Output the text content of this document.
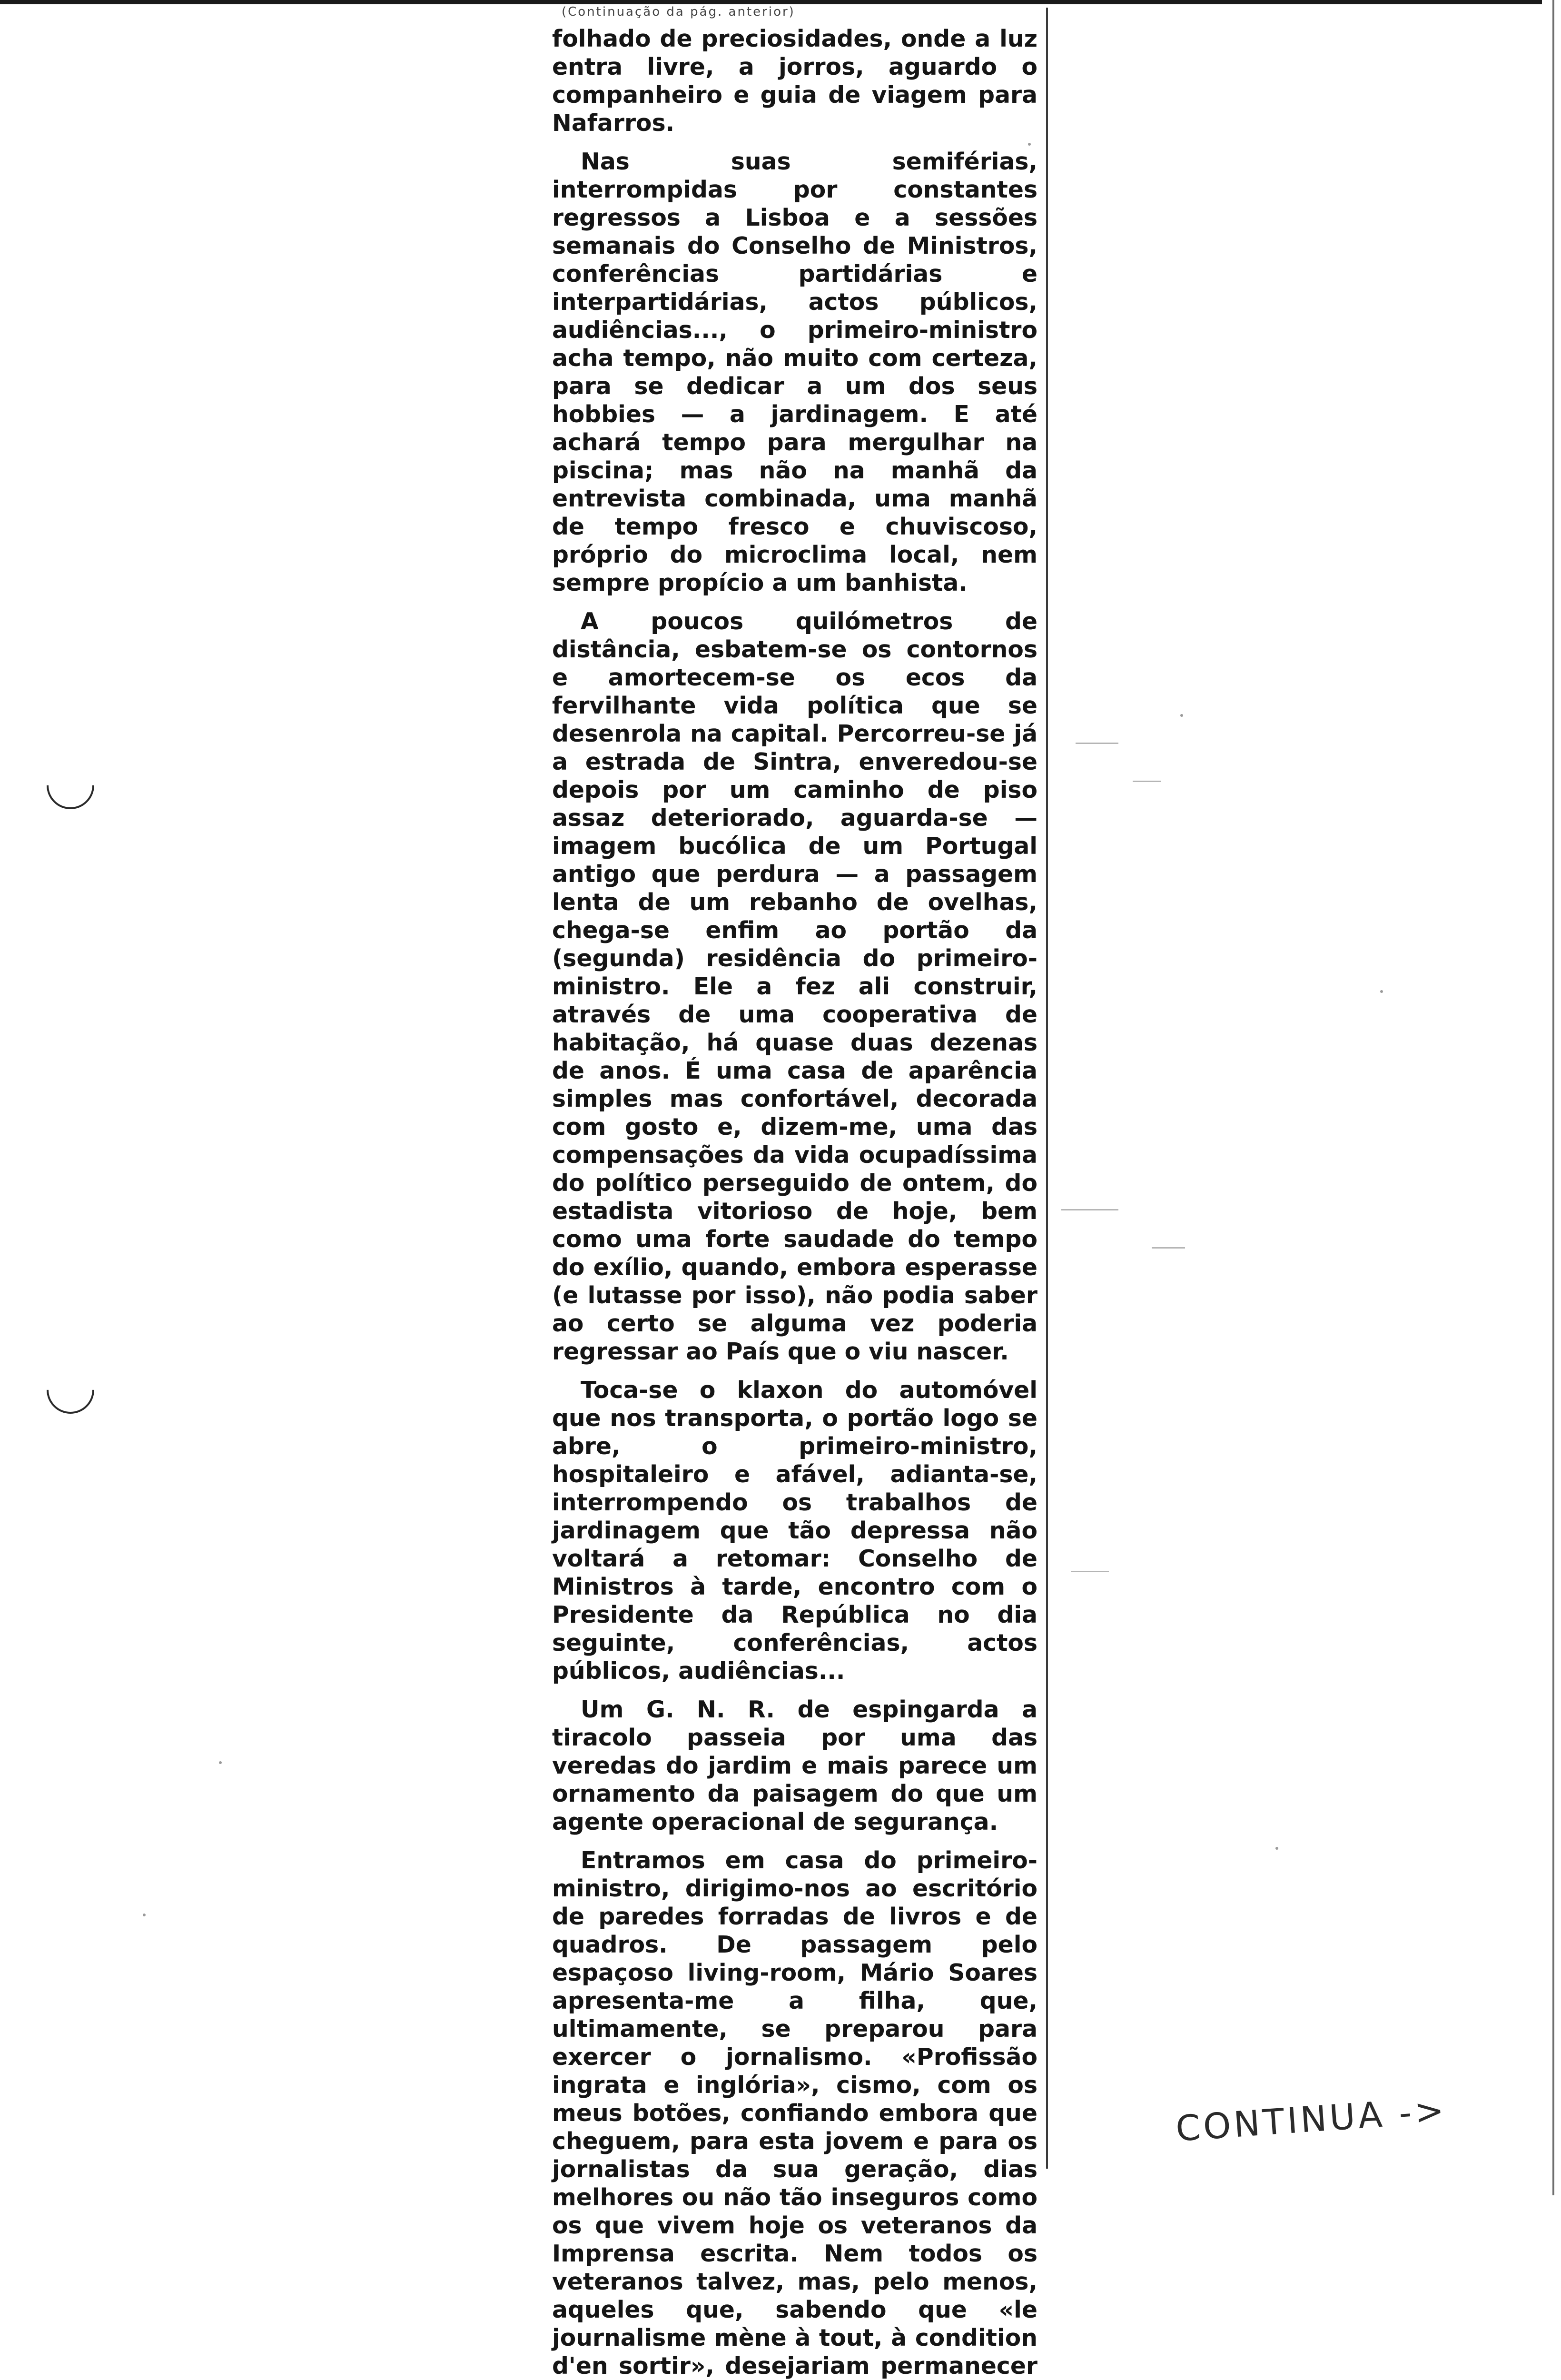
(Continuação da pág. anterior)

folhado de preciosidades, onde a luz entra livre, a jorros, aguardo o companheiro e guia de viagem para Nafarros.

Nas suas semiférias, interrompidas por constantes regressos a Lisboa e a sessões semanais do Conselho de Ministros, conferências partidárias e interpartidárias, actos públicos, audiências..., o primeiro-ministro acha tempo, não muito com certeza, para se dedicar a um dos seus hobbies — a jardinagem. E até achará tempo para mergulhar na piscina; mas não na manhã da entrevista combinada, uma manhã de tempo fresco e chuviscoso, próprio do microclima local, nem sempre propício a um banhista.

A poucos quilómetros de distância, esbatem-se os contornos e amortecem-se os ecos da fervilhante vida política que se desenrola na capital. Percorreu-se já a estrada de Sintra, enveredou-se depois por um caminho de piso assaz deteriorado, aguarda-se — imagem bucólica de um Portugal antigo que perdura — a passagem lenta de um rebanho de ovelhas, chega-se enfim ao portão da (segunda) residência do primeiro-ministro. Ele a fez ali construir, através de uma cooperativa de habitação, há quase duas dezenas de anos. É uma casa de aparência simples mas confortável, decorada com gosto e, dizem-me, uma das compensações da vida ocupadíssima do político perseguido de ontem, do estadista vitorioso de hoje, bem como uma forte saudade do tempo do exílio, quando, embora esperasse (e lutasse por isso), não podia saber ao certo se alguma vez poderia regressar ao País que o viu nascer.

Toca-se o klaxon do automóvel que nos transporta, o portão logo se abre, o primeiro-ministro, hospitaleiro e afável, adianta-se, interrompendo os trabalhos de jardinagem que tão depressa não voltará a retomar: Conselho de Ministros à tarde, encontro com o Presidente da República no dia seguinte, conferências, actos públicos, audiências...

Um G. N. R. de espingarda a tiracolo passeia por uma das veredas do jardim e mais parece um ornamento da paisagem do que um agente operacional de segurança.

Entramos em casa do primeiro-ministro, dirigimo-nos ao escritório de paredes forradas de livros e de quadros. De passagem pelo espaçoso living-room, Mário Soares apresenta-me a filha, que, ultimamente, se preparou para exercer o jornalismo. «Profissão ingrata e inglória», cismo, com os meus botões, confiando embora que cheguem, para esta jovem e para os jornalistas da sua geração, dias melhores ou não tão inseguros como os que vivem hoje os veteranos da Imprensa escrita. Nem todos os veteranos talvez, mas, pelo menos, aqueles que, sabendo que «le journalisme mène à tout, à condition d'en sortir», desejariam permanecer

CONTINUA ->
